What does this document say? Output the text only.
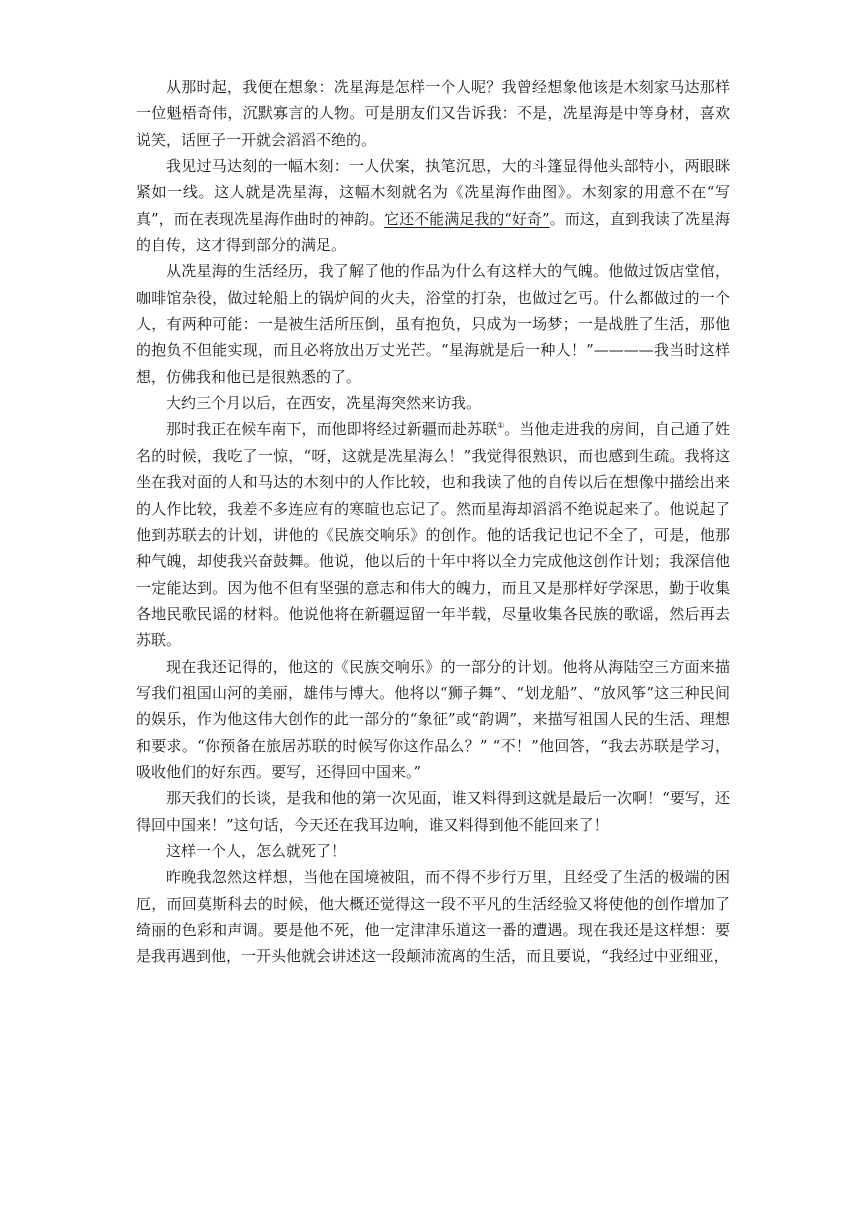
从那时起，我便在想象：冼星海是怎样一个人呢？我曾经想象他该是木刻家马达那样一位魁梧奇伟，沉默寡言的人物。可是朋友们又告诉我：不是，冼星海是中等身材，喜欢说笑，话匣子一开就会滔滔不绝的。

我见过马达刻的一幅木刻：一人伏案，执笔沉思，大的斗篷显得他头部特小，两眼眯紧如一线。这人就是冼星海，这幅木刻就名为《冼星海作曲图》。木刻家的用意不在“写真”，而在表现冼星海作曲时的神韵。它还不能满足我的“好奇”。而这，直到我读了冼星海的自传，这才得到部分的满足。

从冼星海的生活经历，我了解了他的作品为什么有这样大的气魄。他做过饭店堂倌，咖啡馆杂役，做过轮船上的锅炉间的火夫，浴堂的打杂，也做过乞丐。什么都做过的一个人，有两种可能：一是被生活所压倒，虽有抱负，只成为一场梦；一是战胜了生活，那他的抱负不但能实现，而且必将放出万丈光芒。“星海就是后一种人！”————我当时这样想，仿佛我和他已是很熟悉的了。

大约三个月以后，在西安，冼星海突然来访我。

那时我正在候车南下，而他即将经过新疆而赴苏联①。当他走进我的房间，自己通了姓名的时候，我吃了一惊，“呀，这就是冼星海么！”我觉得很熟识，而也感到生疏。我将这坐在我对面的人和马达的木刻中的人作比较，也和我读了他的自传以后在想像中描绘出来的人作比较，我差不多连应有的寒暄也忘记了。然而星海却滔滔不绝说起来了。他说起了他到苏联去的计划，讲他的《民族交响乐》的创作。他的话我记也记不全了，可是，他那种气魄，却使我兴奋鼓舞。他说，他以后的十年中将以全力完成他这创作计划；我深信他一定能达到。因为他不但有坚强的意志和伟大的魄力，而且又是那样好学深思，勤于收集各地民歌民谣的材料。他说他将在新疆逗留一年半载，尽量收集各民族的歌谣，然后再去苏联。

现在我还记得的，他这的《民族交响乐》的一部分的计划。他将从海陆空三方面来描写我们祖国山河的美丽，雄伟与博大。他将以“狮子舞”、“划龙船”、“放风筝”这三种民间的娱乐，作为他这伟大创作的此一部分的“象征”或“韵调”，来描写祖国人民的生活、理想和要求。“你预备在旅居苏联的时候写你这作品么？” “不！”他回答，“我去苏联是学习，吸收他们的好东西。要写，还得回中国来。”

那天我们的长谈，是我和他的第一次见面，谁又料得到这就是最后一次啊！“要写，还得回中国来！”这句话，今天还在我耳边响，谁又料得到他不能回来了！

这样一个人，怎么就死了！

昨晚我忽然这样想，当他在国境被阻，而不得不步行万里，且经受了生活的极端的困厄，而回莫斯科去的时候，他大概还觉得这一段不平凡的生活经验又将使他的创作增加了绮丽的色彩和声调。要是他不死，他一定津津乐道这一番的遭遇。现在我还是这样想：要是我再遇到他，一开头他就会讲述这一段颠沛流离的生活，而且要说，“我经过中亚细亚，
